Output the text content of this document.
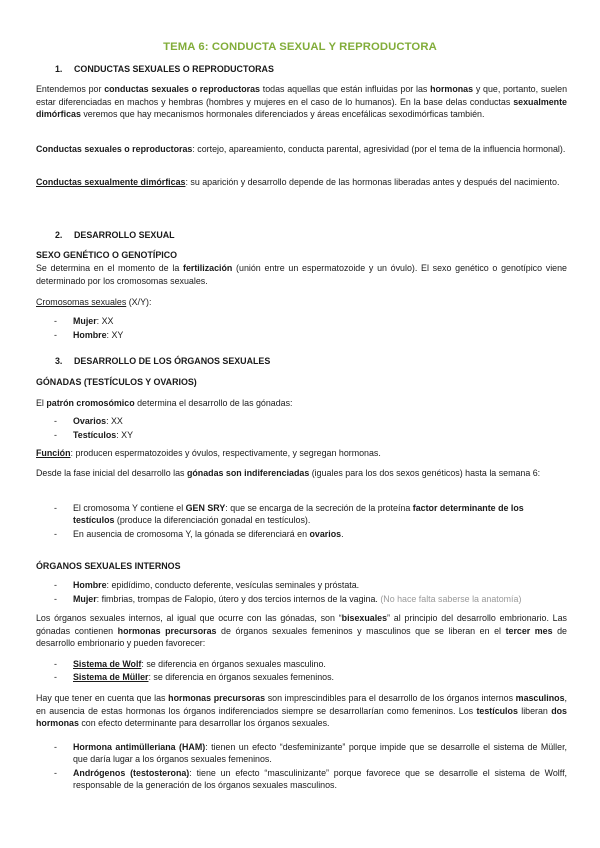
TEMA 6: CONDUCTA SEXUAL Y REPRODUCTORA
1. CONDUCTAS SEXUALES O REPRODUCTORAS

Entendemos por conductas sexuales o reproductoras todas aquellas que están influidas por las hormonas y que, portanto, suelen estar diferenciadas en machos y hembras (hombres y mujeres en el caso de lo humanos). En la base delas conductas sexualmente dimórficas veremos que hay mecanismos hormonales diferenciados y áreas encefálicas sexodimórficas también.

Conductas sexuales o reproductoras: cortejo, apareamiento, conducta parental, agresividad (por el tema de la influencia hormonal).

Conductas sexualmente dimórficas: su aparición y desarrollo depende de las hormonas liberadas antes y después del nacimiento.

2. DESARROLLO SEXUAL
SEXO GENÉTICO O GENOTÍPICO

Se determina en el momento de la fertilización (unión entre un espermatozoide y un óvulo). El sexo genético o genotípico viene determinado por los cromosomas sexuales.

Cromosomas sexuales (X/Y):

- Mujer: XX
- Hombre: XY
3. DESARROLLO DE LOS ÓRGANOS SEXUALES
GÓNADAS (TESTÍCULOS Y OVARIOS)

El patrón cromosómico determina el desarrollo de las gónadas:

- Ovarios: XX
- Testículos: XY

Función: producen espermatozoides y óvulos, respectivamente, y segregan hormonas.

Desde la fase inicial del desarrollo las gónadas son indiferenciadas (iguales para los dos sexos genéticos) hasta la semana 6:

- El cromosoma Y contiene el GEN SRY: que se encarga de la secreción de la proteína factor determinante de los testículos (produce la diferenciación gonadal en testículos).
- En ausencia de cromosoma Y, la gónada se diferenciará en ovarios.
ÓRGANOS SEXUALES INTERNOS
- Hombre: epidídimo, conducto deferente, vesículas seminales y próstata.
- Mujer: fimbrias, trompas de Falopio, útero y dos tercios internos de la vagina. (No hace falta saberse la anatomía)

Los órganos sexuales internos, al igual que ocurre con las gónadas, son “bisexuales” al principio del desarrollo embrionario. Las gónadas contienen hormonas precursoras de órganos sexuales femeninos y masculinos que se liberan en el tercer mes de desarrollo embrionario y pueden favorecer:

- Sistema de Wolf: se diferencia en órganos sexuales masculino.
- Sistema de Müller: se diferencia en órganos sexuales femeninos.

Hay que tener en cuenta que las hormonas precursoras son imprescindibles para el desarrollo de los órganos internos masculinos, en ausencia de estas hormonas los órganos indiferenciados siempre se desarrollarían como femeninos. Los testículos liberan dos hormonas con efecto determinante para desarrollar los órganos sexuales.

- Hormona antimülleriana (HAM): tienen un efecto “desfeminizante” porque impide que se desarrolle el sistema de Müller, que daría lugar a los órganos sexuales femeninos.
- Andrógenos (testosterona): tiene un efecto “masculinizante” porque favorece que se desarrolle el sistema de Wolff, responsable de la generación de los órganos sexuales masculinos.
